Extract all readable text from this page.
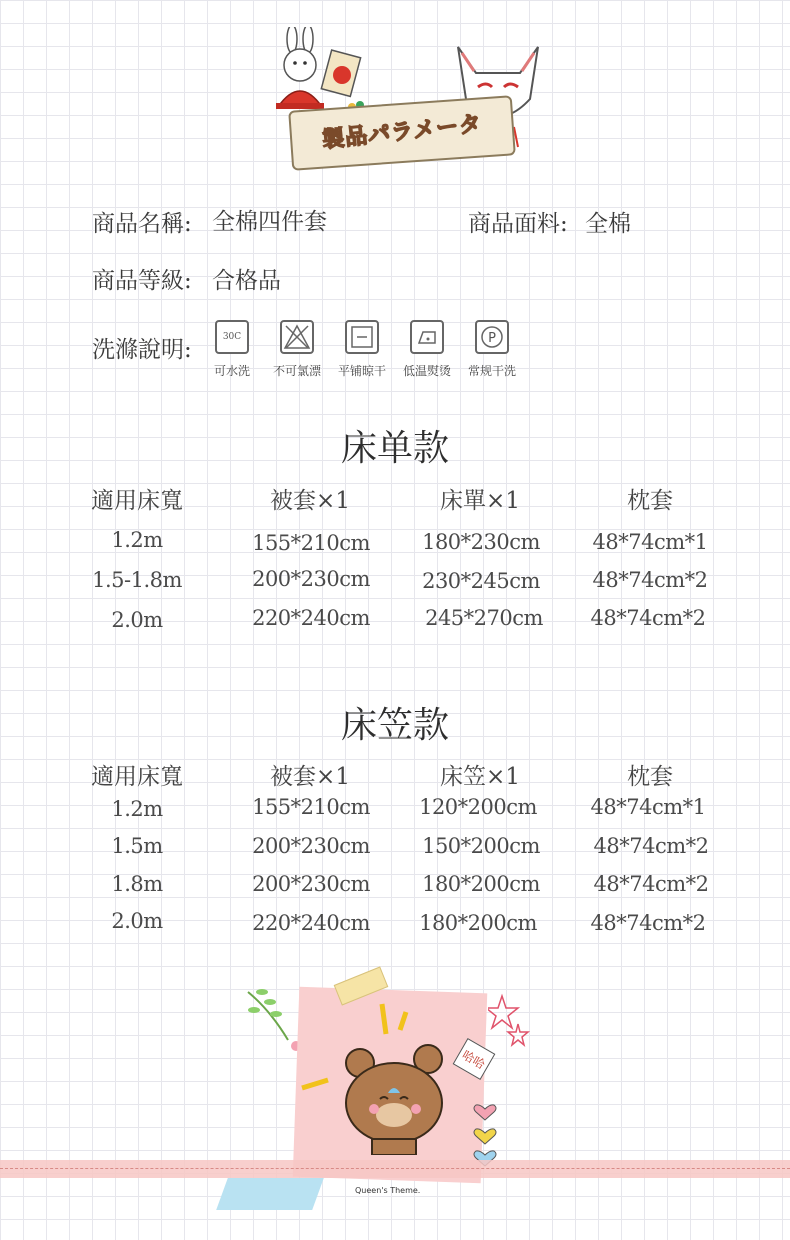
製品パラメータ
商品名稱: 全棉四件套	商品面料: 全棉
商品等級: 合格品
洗滌說明:	30C
可水洗	不可氯漂	平铺晾干	低温熨烫
P
常规干洗
床单款
適用床寬	被套×1	床單×1	枕套
1.2m	155*210cm	180*230cm	48*74cm*1
1.5-1.8m	200*230cm	230*245cm	48*74cm*2
2.0m	220*240cm	245*270cm	48*74cm*2
床笠款
適用床寬	被套×1	床笠×1	枕套
1.2m	155*210cm	120*200cm	48*74cm*1
1.5m	200*230cm	150*200cm	48*74cm*2
1.8m	200*230cm	180*200cm	48*74cm*2
2.0m	220*240cm	180*200cm	48*74cm*2
哈哈
Queen's Theme.
